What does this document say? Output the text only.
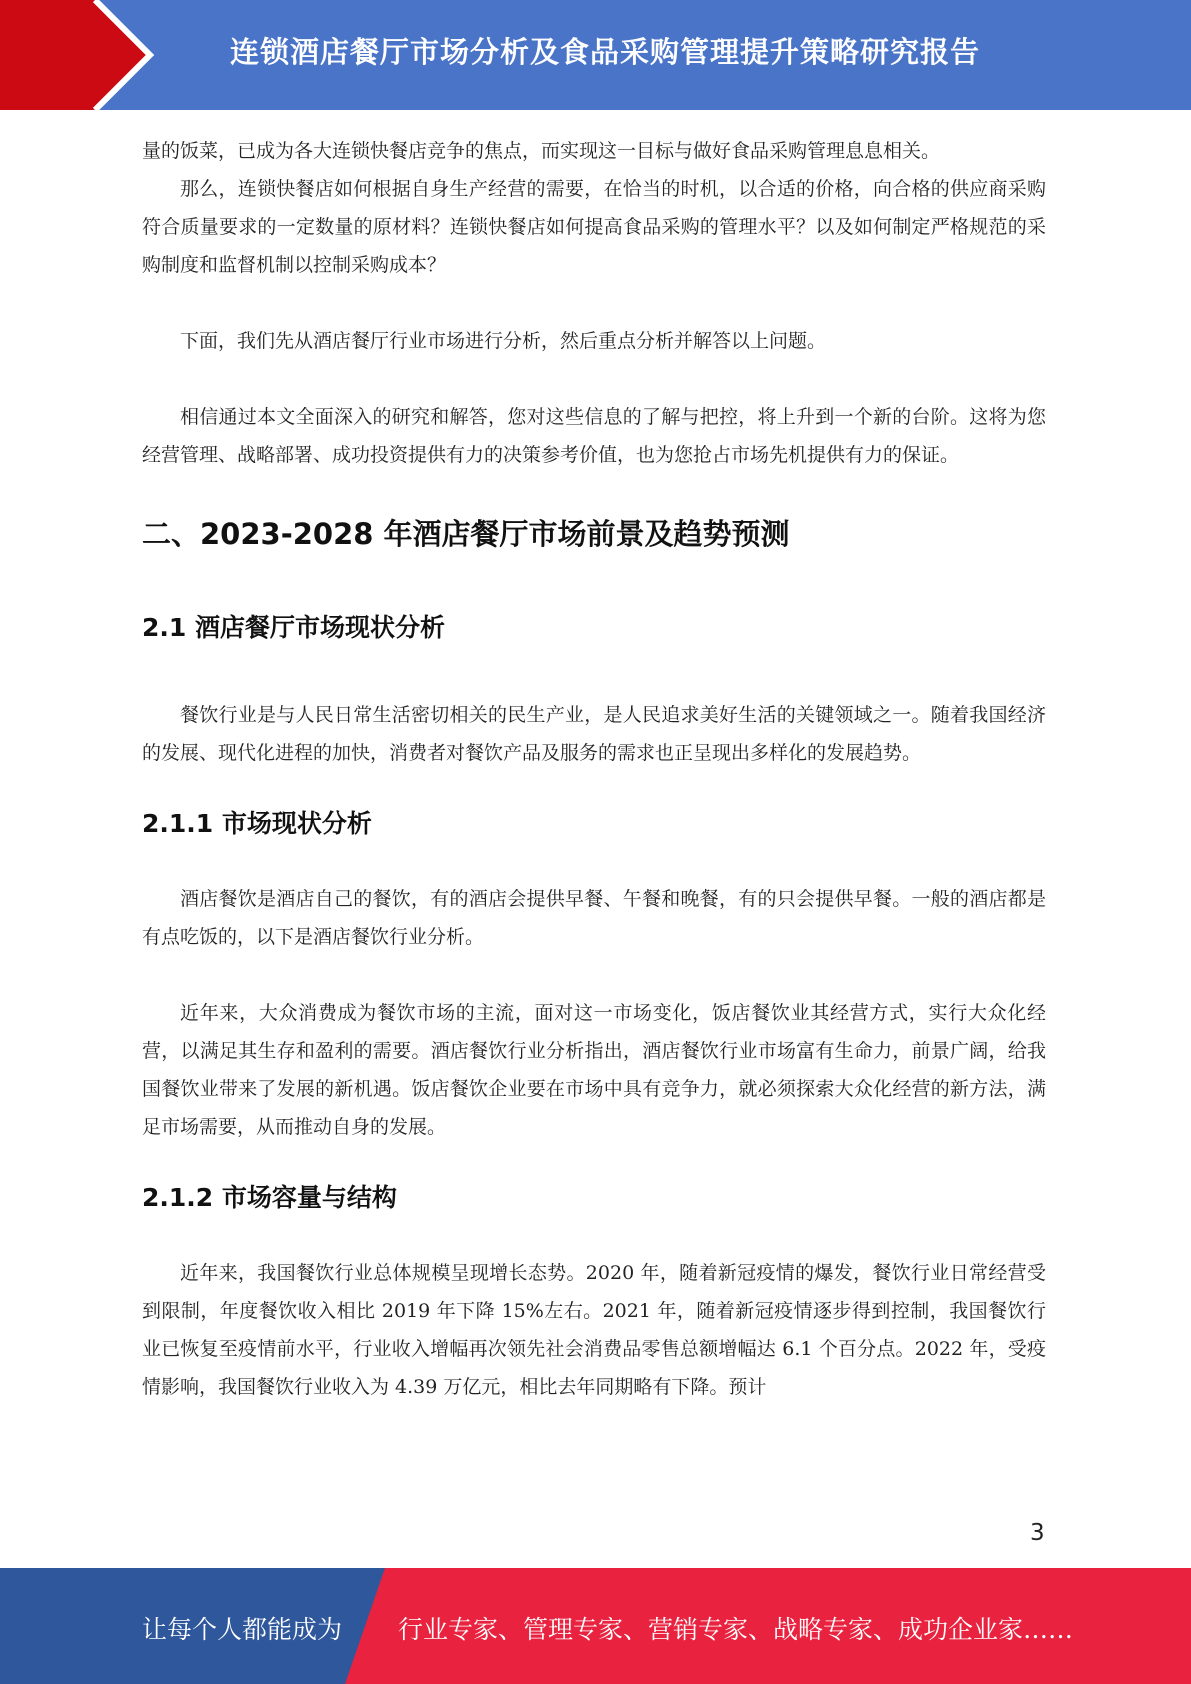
连锁酒店餐厅市场分析及食品采购管理提升策略研究报告

量的饭菜，已成为各大连锁快餐店竞争的焦点，而实现这一目标与做好食品采购管理息息相关。

那么，连锁快餐店如何根据自身生产经营的需要，在恰当的时机，以合适的价格，向合格的供应商采购符合质量要求的一定数量的原材料？连锁快餐店如何提高食品采购的管理水平？以及如何制定严格规范的采购制度和监督机制以控制采购成本？

下面，我们先从酒店餐厅行业市场进行分析，然后重点分析并解答以上问题。

相信通过本文全面深入的研究和解答，您对这些信息的了解与把控，将上升到一个新的台阶。这将为您经营管理、战略部署、成功投资提供有力的决策参考价值，也为您抢占市场先机提供有力的保证。

二、2023-2028 年酒店餐厅市场前景及趋势预测
2.1 酒店餐厅市场现状分析

餐饮行业是与人民日常生活密切相关的民生产业，是人民追求美好生活的关键领域之一。随着我国经济的发展、现代化进程的加快，消费者对餐饮产品及服务的需求也正呈现出多样化的发展趋势。

2.1.1 市场现状分析

酒店餐饮是酒店自己的餐饮，有的酒店会提供早餐、午餐和晚餐，有的只会提供早餐。一般的酒店都是有点吃饭的，以下是酒店餐饮行业分析。

近年来，大众消费成为餐饮市场的主流，面对这一市场变化，饭店餐饮业其经营方式，实行大众化经营，以满足其生存和盈利的需要。酒店餐饮行业分析指出，酒店餐饮行业市场富有生命力，前景广阔，给我国餐饮业带来了发展的新机遇。饭店餐饮企业要在市场中具有竞争力，就必须探索大众化经营的新方法，满足市场需要，从而推动自身的发展。

2.1.2 市场容量与结构

近年来，我国餐饮行业总体规模呈现增长态势。2020 年，随着新冠疫情的爆发，餐饮行业日常经营受到限制，年度餐饮收入相比 2019 年下降 15%左右。2021 年，随着新冠疫情逐步得到控制，我国餐饮行业已恢复至疫情前水平，行业收入增幅再次领先社会消费品零售总额增幅达 6.1 个百分点。2022 年，受疫情影响，我国餐饮行业收入为 4.39 万亿元，相比去年同期略有下降。预计

3
让每个人都能成为 行业专家、管理专家、营销专家、战略专家、成功企业家……
